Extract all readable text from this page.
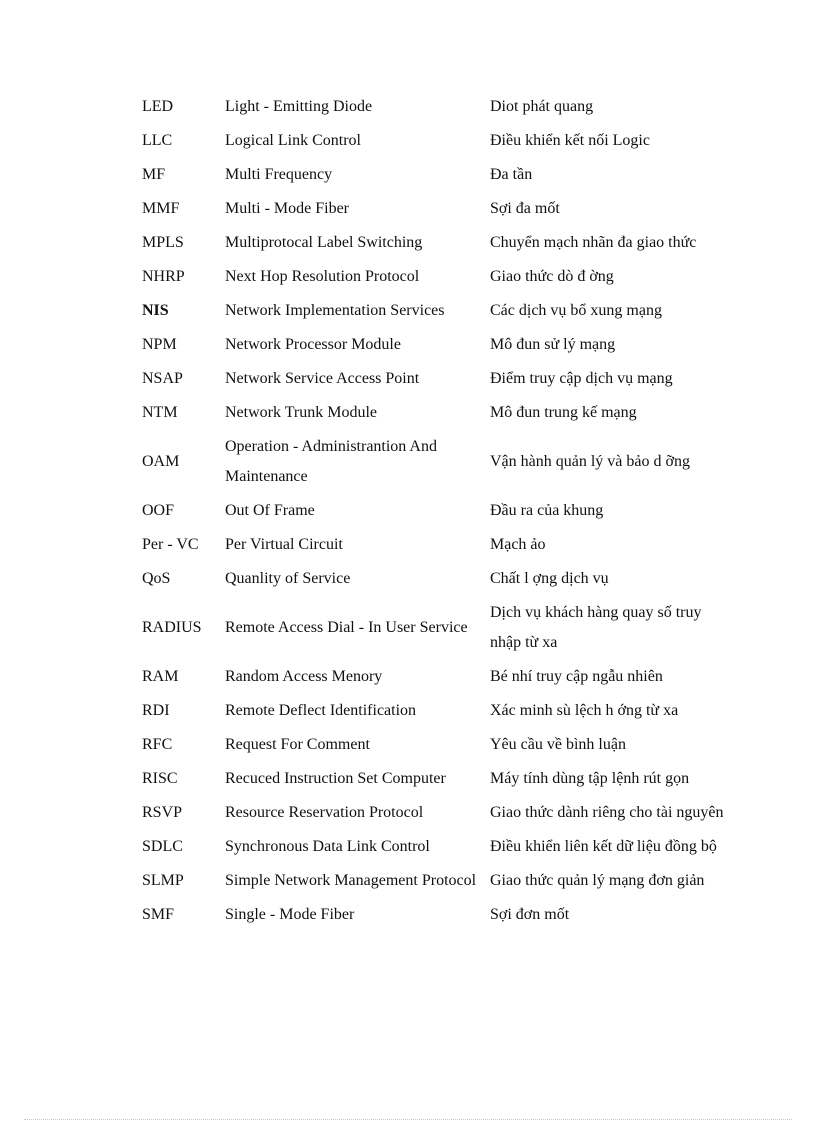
LED	Light - Emitting Diode	Diot phát quang
LLC	Logical Link Control	Điều khiển kết nối Logic
MF	Multi Frequency	Đa tần
MMF	Multi - Mode Fiber	Sợi đa mốt
MPLS	Multiprotocal Label Switching	Chuyển mạch nhãn đa giao thức
NHRP	Next Hop Resolution Protocol	Giao thức dò đ ờng
NIS	Network Implementation Services	Các dịch vụ bổ xung mạng
NPM	Network Processor Module	Mô đun sử lý mạng
NSAP	Network Service Access Point	Điểm truy cập dịch vụ mạng
NTM	Network Trunk Module	Mô đun trung kế mạng
OAM	Operation - Administrantion And Maintenance	Vận hành quản lý và bảo d ỡng
OOF	Out Of Frame	Đầu ra của khung
Per - VC	Per Virtual Circuit	Mạch ảo
QoS	Quanlity of Service	Chất l ợng dịch vụ
RADIUS	Remote Access Dial - In User Service	Dịch vụ khách hàng quay số truy nhập từ xa
RAM	Random Access Menory	Bé nhí truy cập ngẫu nhiên
RDI	Remote Deflect Identification	Xác minh sù lệch h ớng từ xa
RFC	Request For Comment	Yêu cầu về bình luận
RISC	Recuced Instruction Set Computer	Máy tính dùng tập lệnh rút gọn
RSVP	Resource Reservation Protocol	Giao thức dành riêng cho tài nguyên
SDLC	Synchronous Data Link Control	Điều khiển liên kết dữ liệu đồng bộ
SLMP	Simple Network Management Protocol	Giao thức quản lý mạng đơn giản
SMF	Single - Mode Fiber	Sợi đơn mốt
